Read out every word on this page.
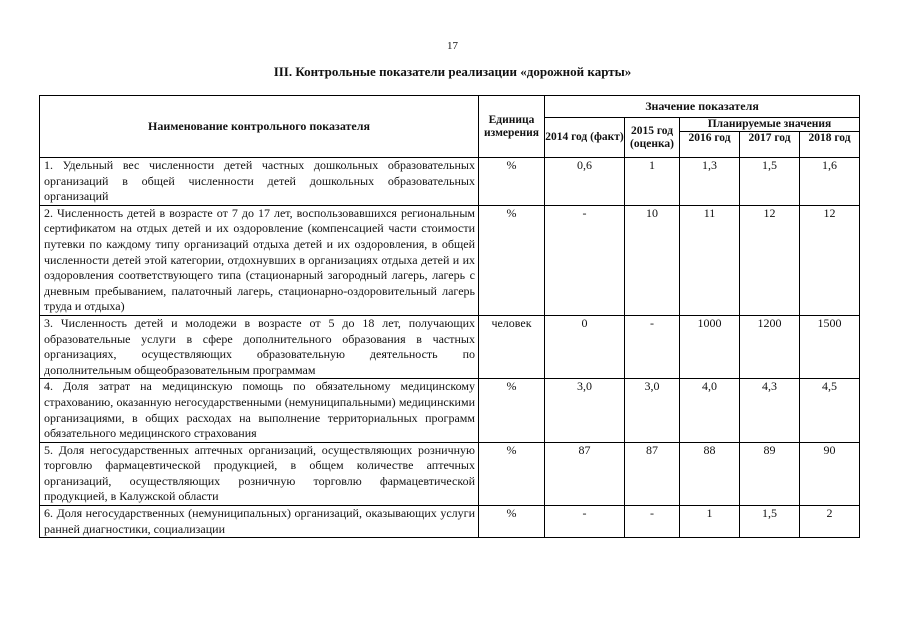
17
III. Контрольные показатели реализации «дорожной карты»
Наименование контрольного показателя	Единица измерения	Значение показателя				
		2014 год (факт)	2015 год (оценка)	Планируемые значения		
				2016 год	2017 год	2018 год
1. Удельный вес численности детей частных дошкольных образовательных организаций в общей численности детей дошкольных образовательных организаций	%	0,6	1	1,3	1,5	1,6
2. Численность детей в возрасте от 7 до 17 лет, воспользовавшихся региональным сертификатом на отдых детей и их оздоровление (компенсацией части стоимости путевки по каждому типу организаций отдыха детей и их оздоровления, в общей численности детей этой категории, отдохнувших в организациях отдыха детей и их оздоровления соответствующего типа (стационарный загородный лагерь, лагерь с дневным пребыванием, палаточный лагерь, стационарно-оздоровительный лагерь труда и отдыха)	%	-	10	11	12	12
3. Численность детей и молодежи в возрасте от 5 до 18 лет, получающих образовательные услуги в сфере дополнительного образования в частных организациях, осуществляющих образовательную деятельность по дополнительным общеобразовательным программам	человек	0	-	1000	1200	1500
4. Доля затрат на медицинскую помощь по обязательному медицинскому страхованию, оказанную негосударственными (немуниципальными) медицинскими организациями, в общих расходах на выполнение территориальных программ обязательного медицинского страхования	%	3,0	3,0	4,0	4,3	4,5
5. Доля негосударственных аптечных организаций, осуществляющих розничную торговлю фармацевтической продукцией, в общем количестве аптечных организаций, осуществляющих розничную торговлю фармацевтической продукцией, в Калужской области	%	87	87	88	89	90
6. Доля негосударственных (немуниципальных) организаций, оказывающих услуги ранней диагностики, социализации	%	-	-	1	1,5	2
